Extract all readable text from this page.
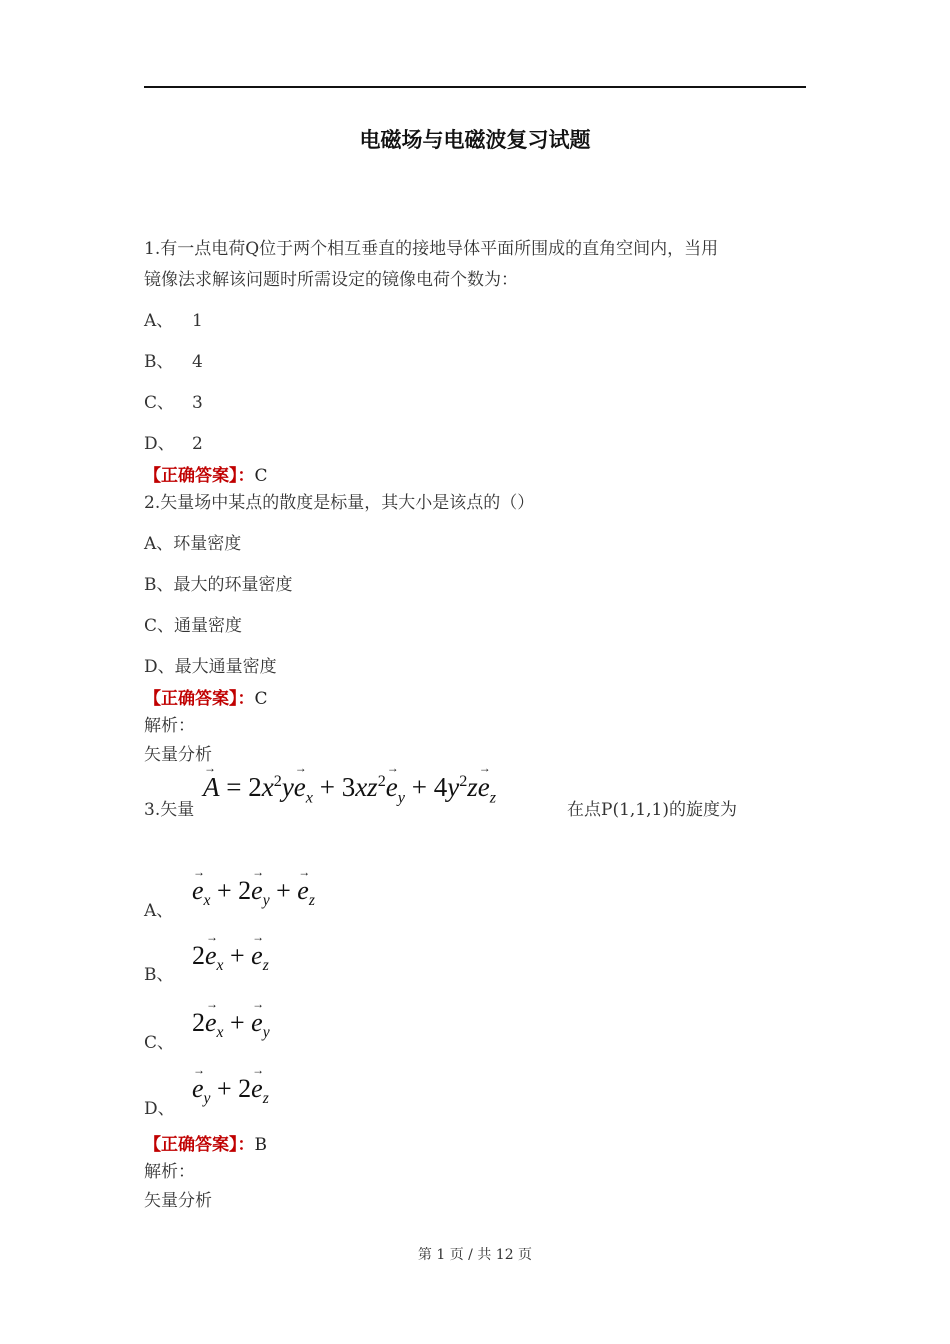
电磁场与电磁波复习试题
1.有一点电荷Q位于两个相互垂直的接地导体平面所围成的直角空间内，当用
镜像法求解该问题时所需设定的镜像电荷个数为：
A、 1
B、 4
C、 3
D、 2
【正确答案】：C
2.矢量场中某点的散度是标量，其大小是该点的（）
A、环量密度
B、最大的环量密度
C、通量密度
D、最大通量密度
【正确答案】：C
解析：
矢量分析
3.矢量
→ $A = 2x^2y\to e_x + 3xz^2\to e_y + 4y^2z\to e_z$
在点P(1,1,1)的旋度为
A、
→ $e_x + 2\to e_y$ + → $e_z$
B、
$2\to e_x$ + → $e_z$
C、
$2\to e_x$ + → $e_y$
D、
→ $e_y + 2\to e_z$
【正确答案】：B
解析：
矢量分析
第 1 页 / 共 12 页
